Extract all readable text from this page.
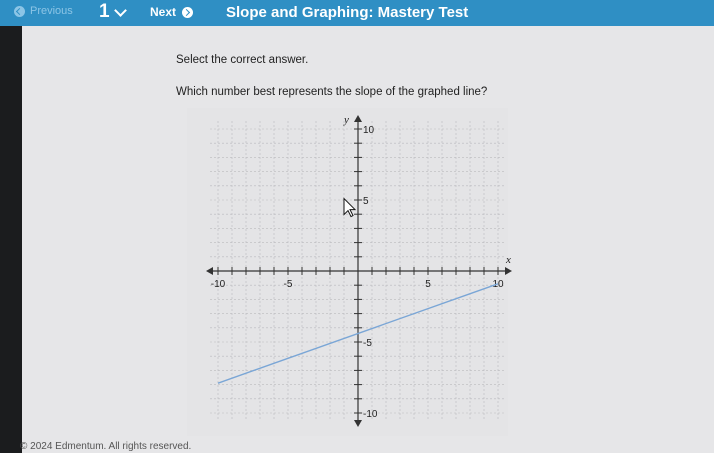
Previous 1	Next	Slope and Graphing: Mastery Test
Select the correct answer.
Which number best represents the slope of the graphed line?
-10	-5	5	10
10
5
-5
-10
x
y
© 2024 Edmentum. All rights reserved.
